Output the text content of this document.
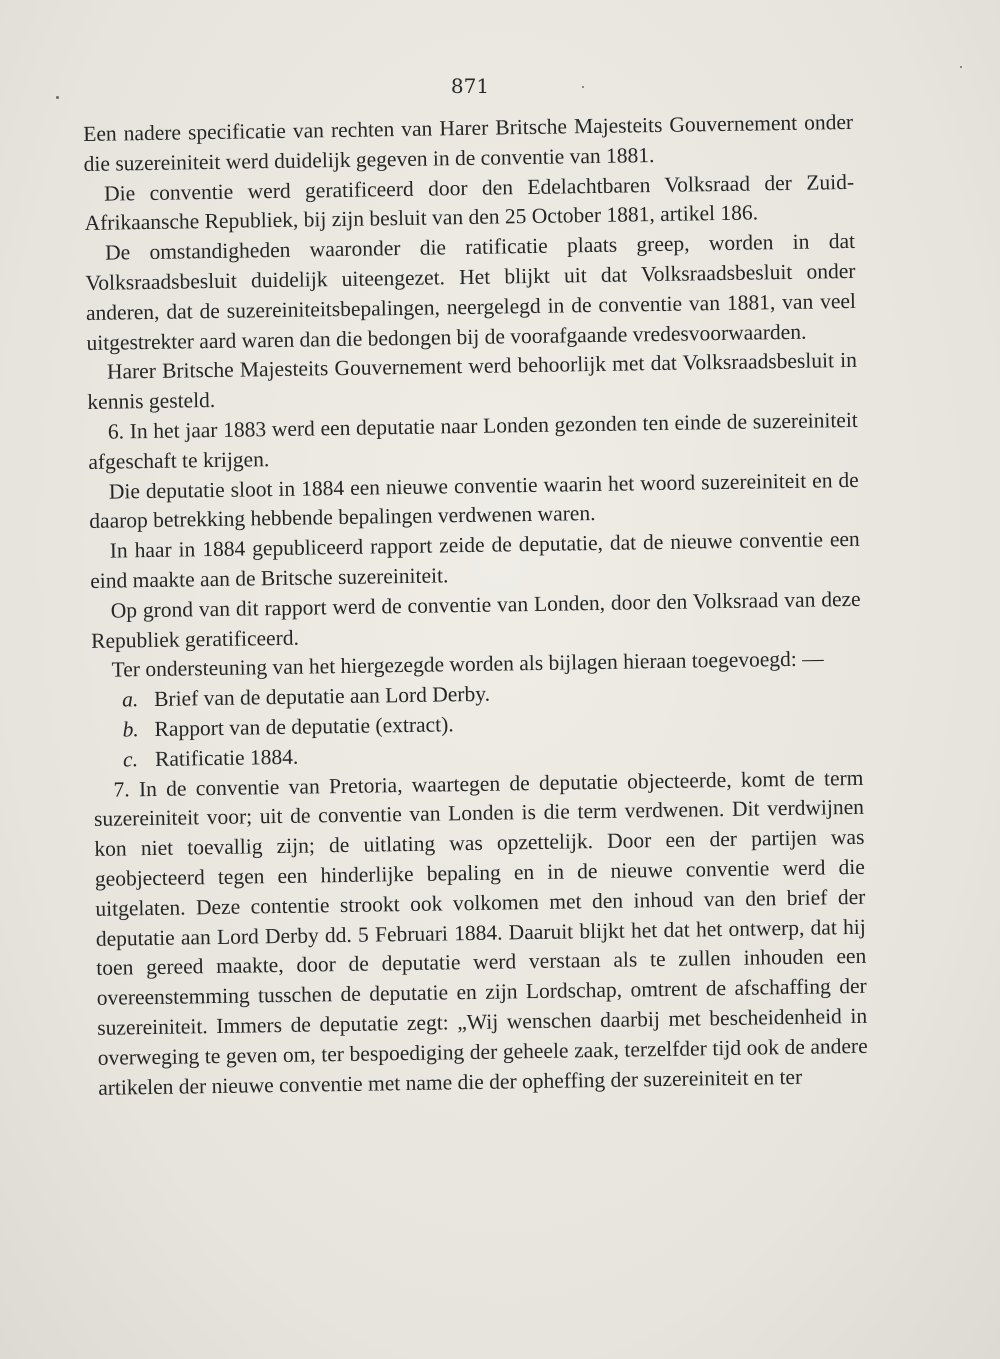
871

Een nadere specificatie van rechten van Harer Britsche Majesteits Gouvernement onder die suzereiniteit werd duidelijk gegeven in de conventie van 1881.

Die conventie werd geratificeerd door den Edelachtbaren Volksraad der Zuid-Afrikaansche Republiek, bij zijn besluit van den 25 October 1881, artikel 186.

De omstandigheden waaronder die ratificatie plaats greep, worden in dat Volksraadsbesluit duidelijk uiteengezet. Het blijkt uit dat Volksraadsbesluit onder anderen, dat de suzereiniteitsbepalingen, neergelegd in de conventie van 1881, van veel uitgestrekter aard waren dan die bedongen bij de voorafgaande vredesvoorwaarden.

Harer Britsche Majesteits Gouvernement werd behoorlijk met dat Volksraadsbesluit in kennis gesteld.

6. In het jaar 1883 werd een deputatie naar Londen gezonden ten einde de suzereiniteit afgeschaft te krijgen.

Die deputatie sloot in 1884 een nieuwe conventie waarin het woord suzereiniteit en de daarop betrekking hebbende bepalingen verdwenen waren.

In haar in 1884 gepubliceerd rapport zeide de deputatie, dat de nieuwe conventie een eind maakte aan de Britsche suzereiniteit.

Op grond van dit rapport werd de conventie van Londen, door den Volksraad van deze Republiek geratificeerd.

Ter ondersteuning van het hiergezegde worden als bijlagen hieraan toegevoegd: —

a. Brief van de deputatie aan Lord Derby.

b. Rapport van de deputatie (extract).

c. Ratificatie 1884.

7. In de conventie van Pretoria, waartegen de deputatie objecteerde, komt de term suzereiniteit voor; uit de conventie van Londen is die term verdwenen. Dit verdwijnen kon niet toevallig zijn; de uitlating was opzettelijk. Door een der partijen was geobjecteerd tegen een hinderlijke bepaling en in de nieuwe conventie werd die uitgelaten. Deze contentie strookt ook volkomen met den inhoud van den brief der deputatie aan Lord Derby dd. 5 Februari 1884. Daaruit blijkt het dat het ontwerp, dat hij toen gereed maakte, door de deputatie werd verstaan als te zullen inhouden een overeenstemming tusschen de deputatie en zijn Lordschap, omtrent de afschaffing der suzereiniteit. Immers de deputatie zegt: „Wij wenschen daarbij met bescheidenheid in overweging te geven om, ter bespoediging der geheele zaak, terzelfder tijd ook de andere artikelen der nieuwe conventie met name die der opheffing der suzereiniteit en ter
